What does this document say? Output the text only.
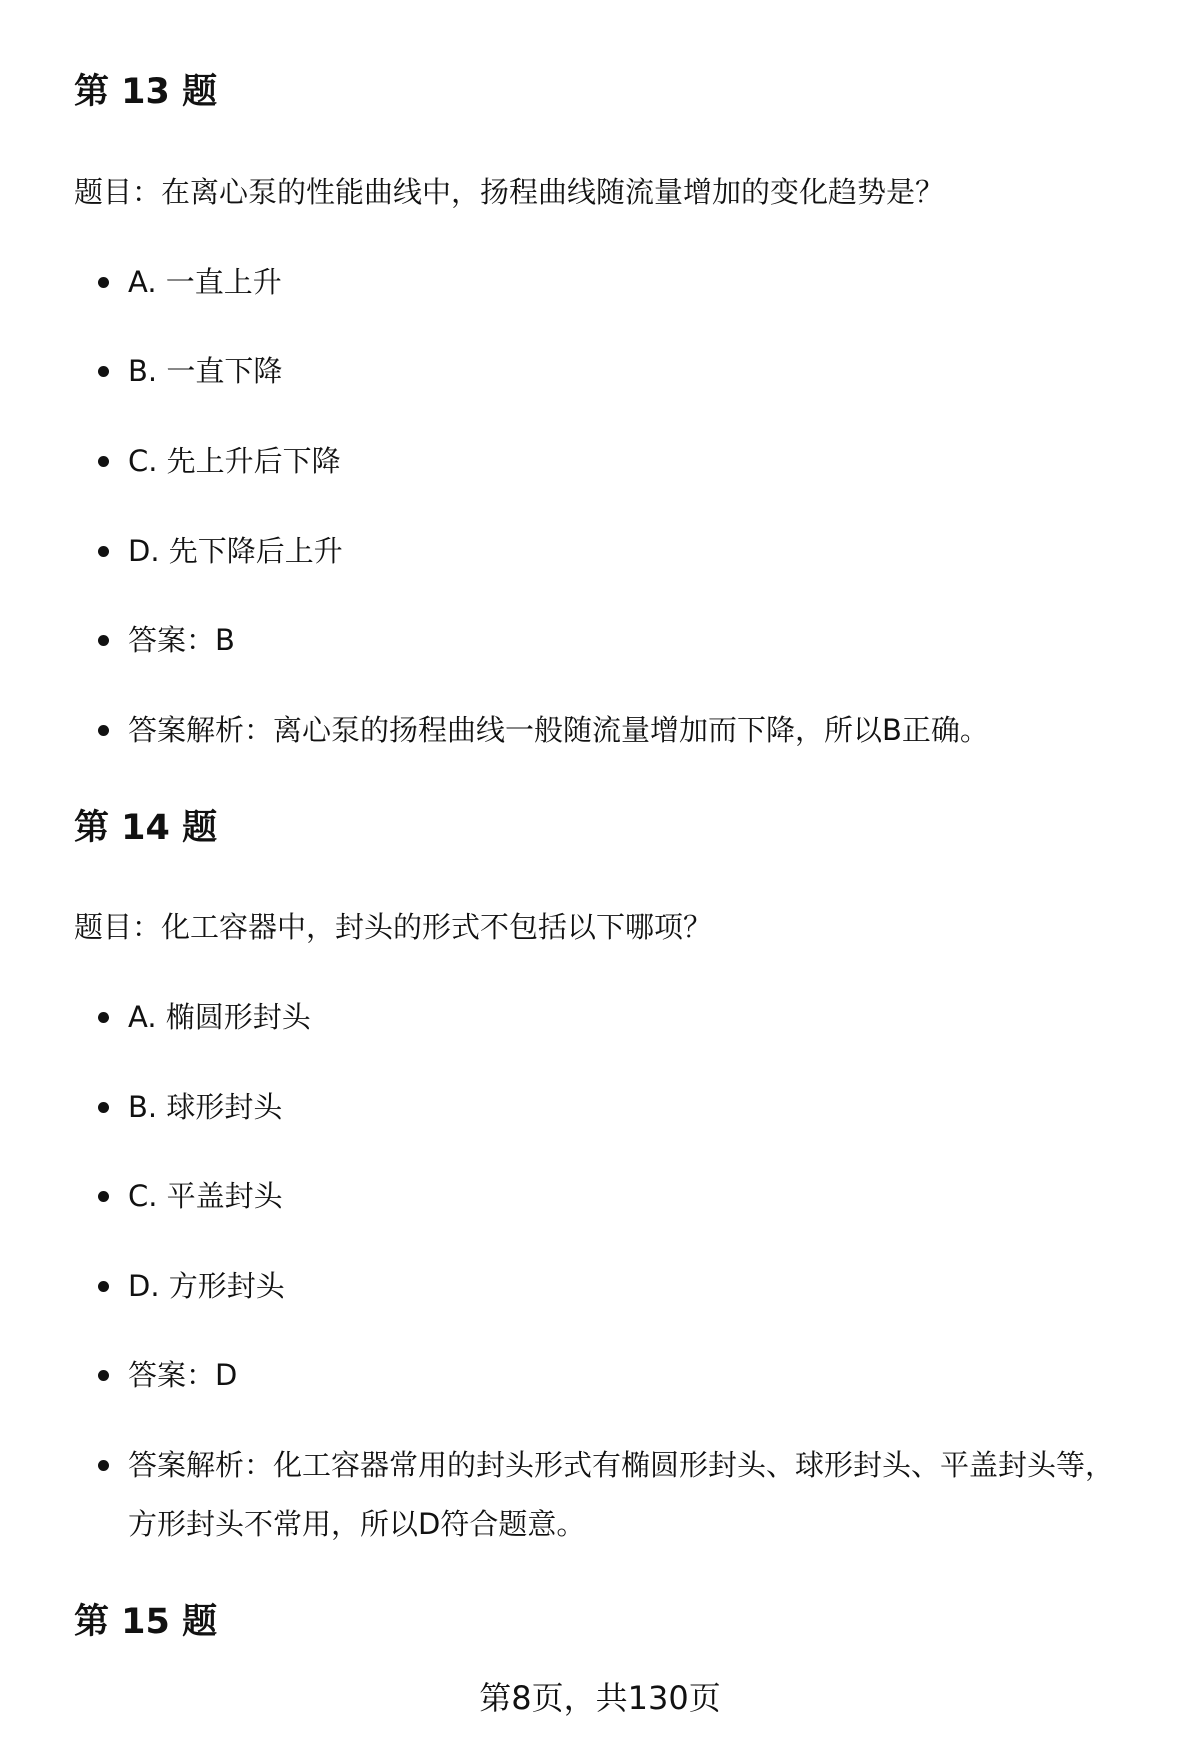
第 13 题

题目：在离心泵的性能曲线中，扬程曲线随流量增加的变化趋势是？

A. 一直上升
B. 一直下降
C. 先上升后下降
D. 先下降后上升
答案：B
答案解析：离心泵的扬程曲线一般随流量增加而下降，所以B正确。
第 14 题

题目：化工容器中，封头的形式不包括以下哪项？

A. 椭圆形封头
B. 球形封头
C. 平盖封头
D. 方形封头
答案：D
答案解析：化工容器常用的封头形式有椭圆形封头、球形封头、平盖封头等，方形封头不常用，所以D符合题意。
第 15 题
第8页，共130页
